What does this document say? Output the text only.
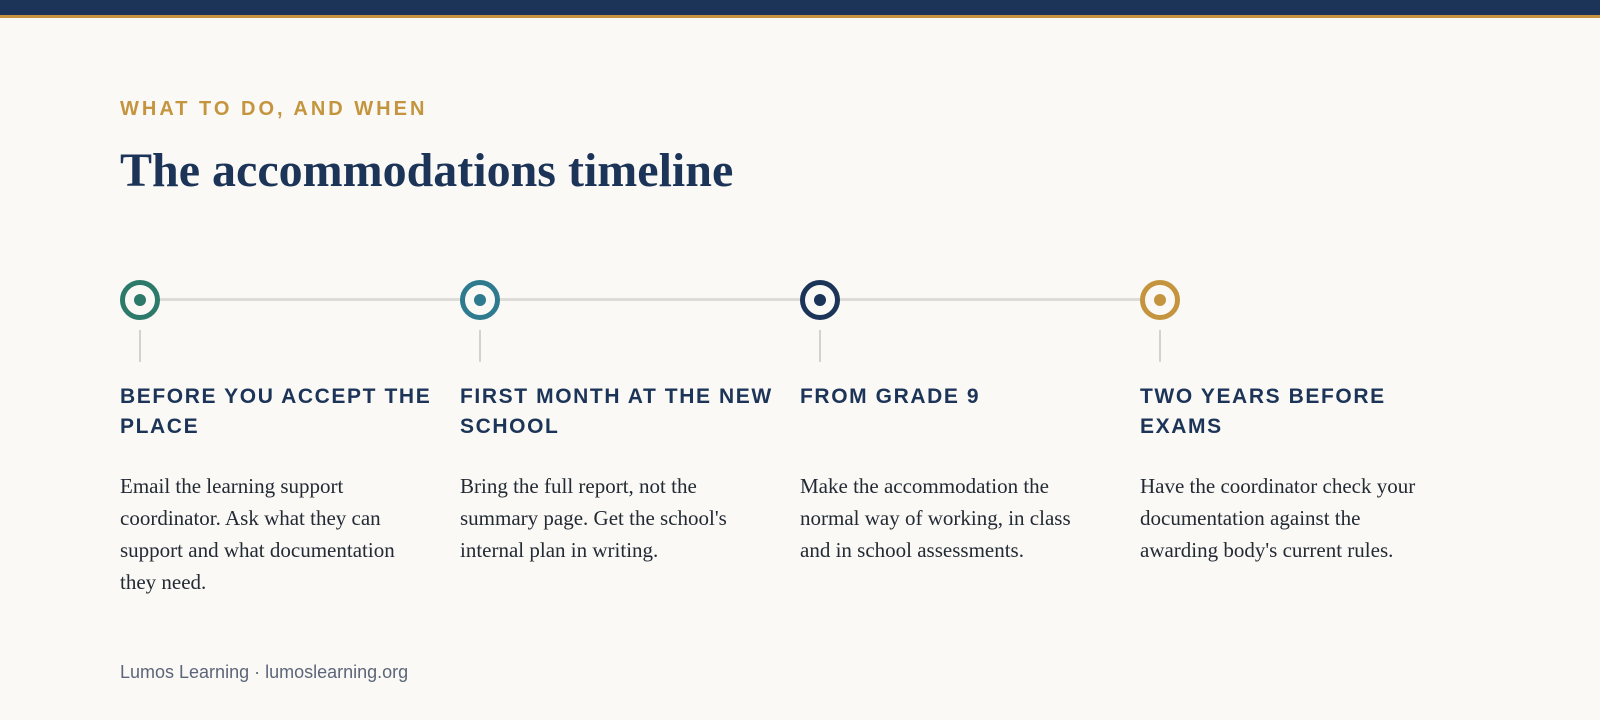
WHAT TO DO, AND WHEN
The accommodations timeline
BEFORE YOU ACCEPT THE PLACE
Email the learning support coordinator. Ask what they can support and what documentation they need.
FIRST MONTH AT THE NEW SCHOOL
Bring the full report, not the summary page. Get the school's internal plan in writing.
FROM GRADE 9
Make the accommodation the normal way of working, in class and in school assessments.
TWO YEARS BEFORE EXAMS
Have the coordinator check your documentation against the awarding body's current rules.
Lumos Learning · lumoslearning.org
